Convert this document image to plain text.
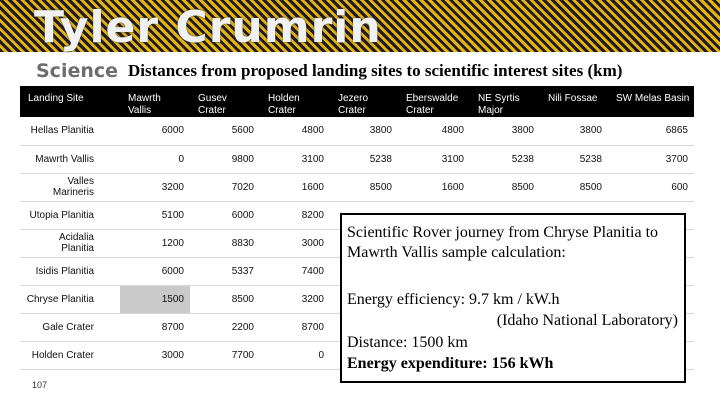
Tyler Crumrin
Science Distances from proposed landing sites to scientific interest sites (km)
Landing Site	Mawrth Vallis	Gusev Crater	Holden Crater	Jezero Crater	Eberswalde Crater	NE Syrtis Major	Nili Fossae	SW Melas Basin
Hellas Planitia	6000	5600	4800	3800	4800	3800	3800	6865
Mawrth Vallis	0	9800	3100	5238	3100	5238	5238	3700
Valles Marineris	3200	7020	1600	8500	1600	8500	8500	600
Utopia Planitia	5100	6000	8200					
Acidalia Planitia	1200	8830	3000					
Isidis Planitia	6000	5337	7400					
Chryse Planitia	1500	8500	3200					
Gale Crater	8700	2200	8700					
Holden Crater	3000	7700	0					
Scientific Rover journey from Chryse Planitia to Mawrth Vallis sample calculation:
Energy efficiency: 9.7 km / kW.h
(Idaho National Laboratory)
Distance: 1500 km
Energy expenditure: 156 kWh
107
